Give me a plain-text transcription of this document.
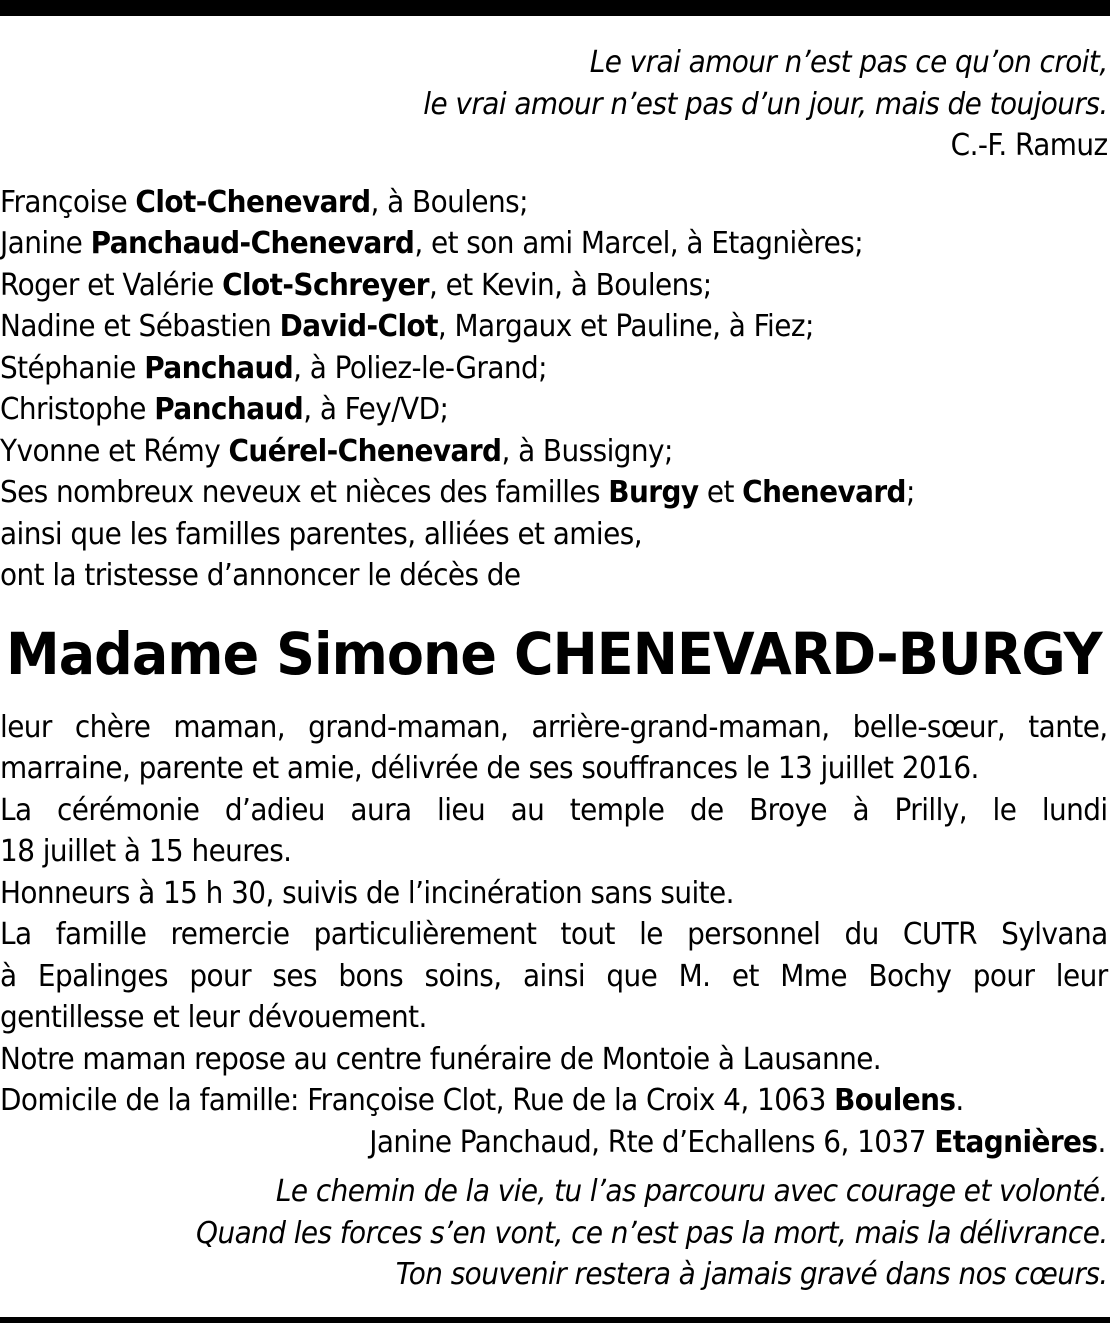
Le vrai amour n’est pas ce qu’on croit,
le vrai amour n’est pas d’un jour, mais de toujours.
C.-F. Ramuz
Françoise Clot-Chenevard, à Boulens;
Janine Panchaud-Chenevard, et son ami Marcel, à Etagnières;
Roger et Valérie Clot-Schreyer, et Kevin, à Boulens;
Nadine et Sébastien David-Clot, Margaux et Pauline, à Fiez;
Stéphanie Panchaud, à Poliez-le-Grand;
Christophe Panchaud, à Fey/VD;
Yvonne et Rémy Cuérel-Chenevard, à Bussigny;
Ses nombreux neveux et nièces des familles Burgy et Chenevard;
ainsi que les familles parentes, alliées et amies,
ont la tristesse d’annoncer le décès de
Madame Simone CHENEVARD-BURGY
leur chère maman, grand-maman, arrière-grand-maman, belle-sœur, tante,
marraine, parente et amie, délivrée de ses souffrances le 13 juillet 2016.
La cérémonie d’adieu aura lieu au temple de Broye à Prilly, le lundi
18 juillet à 15 heures.
Honneurs à 15 h 30, suivis de l’incinération sans suite.
La famille remercie particulièrement tout le personnel du CUTR Sylvana
à Epalinges pour ses bons soins, ainsi que M. et Mme Bochy pour leur
gentillesse et leur dévouement.
Notre maman repose au centre funéraire de Montoie à Lausanne.
Domicile de la famille: Françoise Clot, Rue de la Croix 4, 1063 Boulens.
Janine Panchaud, Rte d’Echallens 6, 1037 Etagnières.
Le chemin de la vie, tu l’as parcouru avec courage et volonté.
Quand les forces s’en vont, ce n’est pas la mort, mais la délivrance.
Ton souvenir restera à jamais gravé dans nos cœurs.
